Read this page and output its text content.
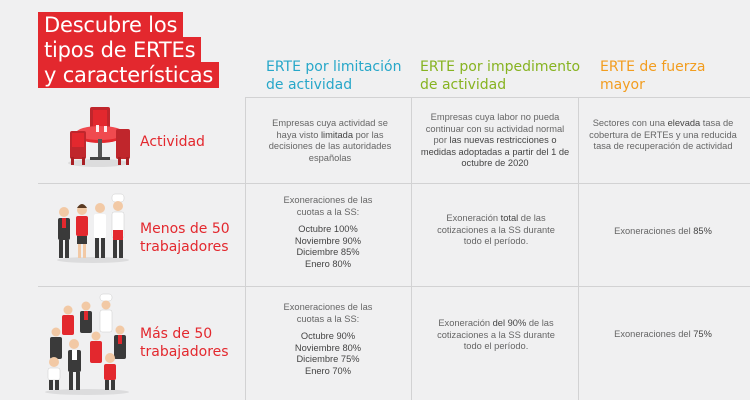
Descubre los
tipos de ERTEs
y características	ERTE por limitación de actividad
ERTE por impedimento de actividad
ERTE de fuerza mayor
Actividad
Menos de 50
trabajadores
Más de 50
trabajadores
Empresas cuya actividad se haya visto limitada por las decisiones de las autoridades españolas
Empresas cuya labor no pueda continuar con su actividad normal por las nuevas restricciones o medidas adoptadas a partir del 1 de octubre de 2020
Sectores con una elevada tasa de cobertura de ERTEs y una reducida tasa de recuperación de actividad
Exoneraciones de las cuotas a la SS:
Octubre 100%
Noviembre 90%
Diciembre 85%
Enero 80%
Exoneración total de las cotizaciones a la SS durante todo el período.
Exoneraciones del 85%
Exoneraciones de las cuotas a la SS:
Octubre 90%
Noviembre 80%
Diciembre 75%
Enero 70%
Exoneración del 90% de las cotizaciones a la SS durante todo el período.
Exoneraciones del 75%
